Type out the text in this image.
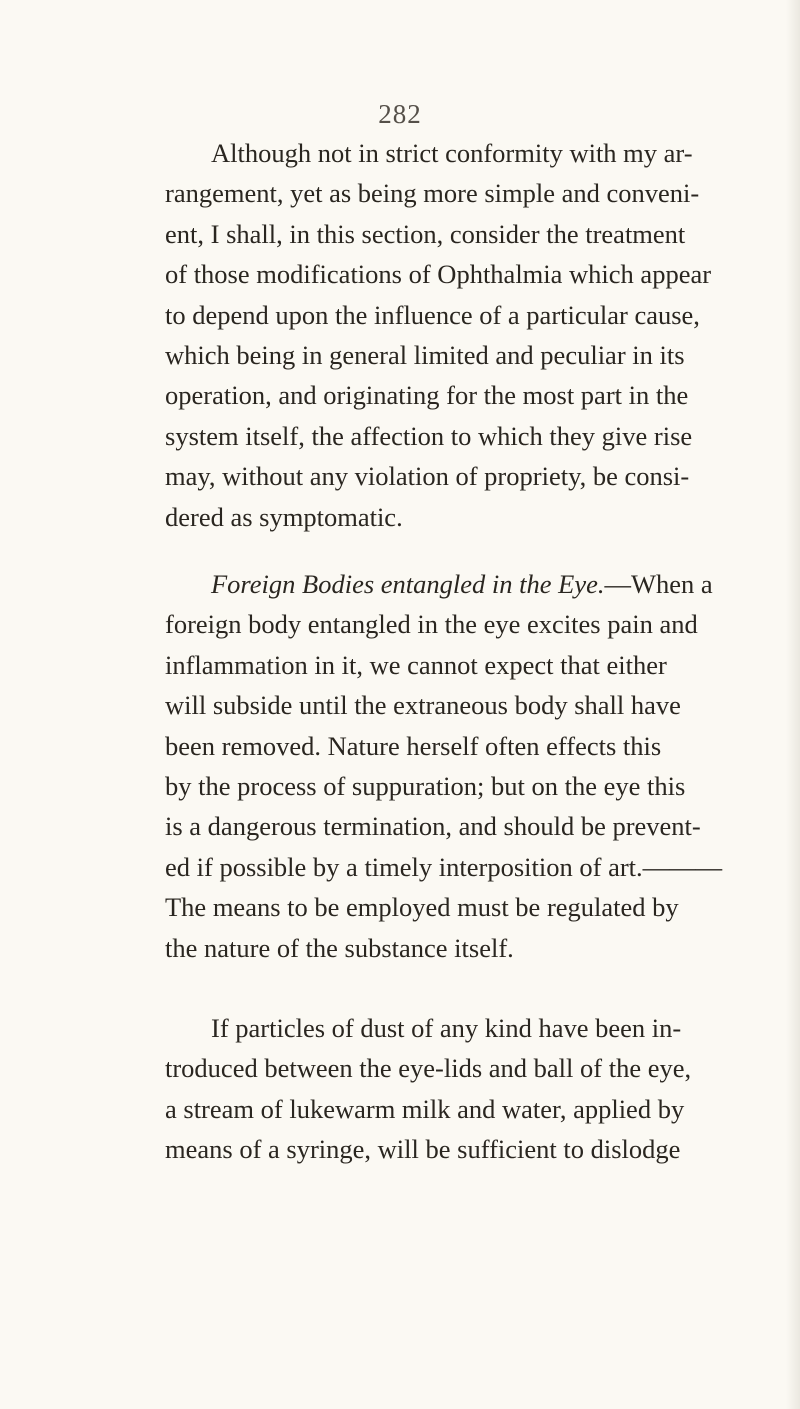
282
Although not in strict conformity with my ar-
rangement, yet as being more simple and conveni-
ent, I shall, in this section, consider the treatment
of those modifications of Ophthalmia which appear
to depend upon the influence of a particular cause,
which being in general limited and peculiar in its
operation, and originating for the most part in the
system itself, the affection to which they give rise
may, without any violation of propriety, be consi-
dered as symptomatic.
Foreign Bodies entangled in the Eye.—When a
foreign body entangled in the eye excites pain and
inflammation in it, we cannot expect that either
will subside until the extraneous body shall have
been removed. Nature herself often effects this
by the process of suppuration; but on the eye this
is a dangerous termination, and should be prevent-
ed if possible by a timely interposition of art.———
The means to be employed must be regulated by
the nature of the substance itself.
If particles of dust of any kind have been in-
troduced between the eye-lids and ball of the eye,
a stream of lukewarm milk and water, applied by
means of a syringe, will be sufficient to dislodge
